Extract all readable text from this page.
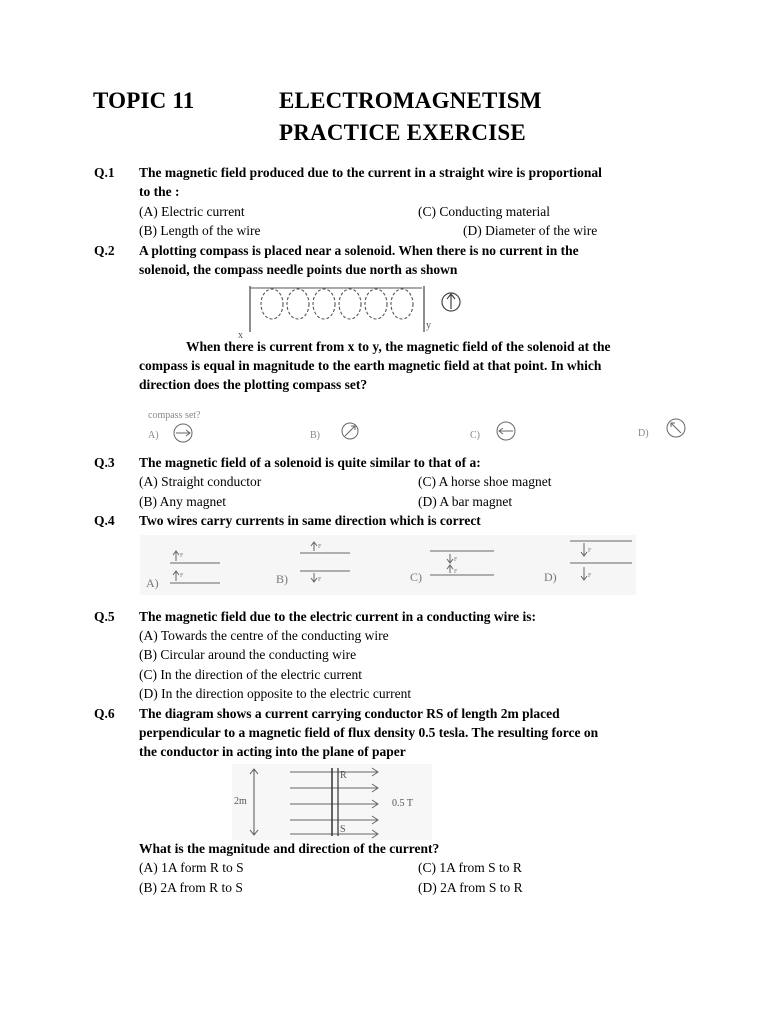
TOPIC 11	ELECTROMAGNETISM
PRACTICE EXERCISE
Q.1 The magnetic field produced due to the current in a straight wire is proportional
to the :
(A) Electric current	(C) Conducting material
(B) Length of the wire	(D) Diameter of the wire
Q.2 A plotting compass is placed near a solenoid. When there is no current in the
solenoid, the compass needle points due north as shown
x
y
When there is current from x to y, the magnetic field of the solenoid at the
compass is equal in magnitude to the earth magnetic field at that point. In which
direction does the plotting compass set?
compass set?
A)	B)	C)	D)
Q.3 The magnetic field of a solenoid is quite similar to that of a:
(A) Straight conductor	(C) A horse shoe magnet
(B) Any magnet	(D) A bar magnet
Q.4 Two wires carry currents in same direction which is correct
A)
F
F	B)
F
F	C)
F
F	D)
F
F
Q.5 The magnetic field due to the electric current in a conducting wire is:
(A) Towards the centre of the conducting wire
(B) Circular around the conducting wire
(C) In the direction of the electric current
(D) In the direction opposite to the electric current
Q.6 The diagram shows a current carrying conductor RS of length 2m placed
perpendicular to a magnetic field of flux density 0.5 tesla. The resulting force on
the conductor in acting into the plane of paper
2m
R
S
0.5 T
What is the magnitude and direction of the current?
(A) 1A form R to S	(C) 1A from S to R
(B) 2A from R to S	(D) 2A from S to R
